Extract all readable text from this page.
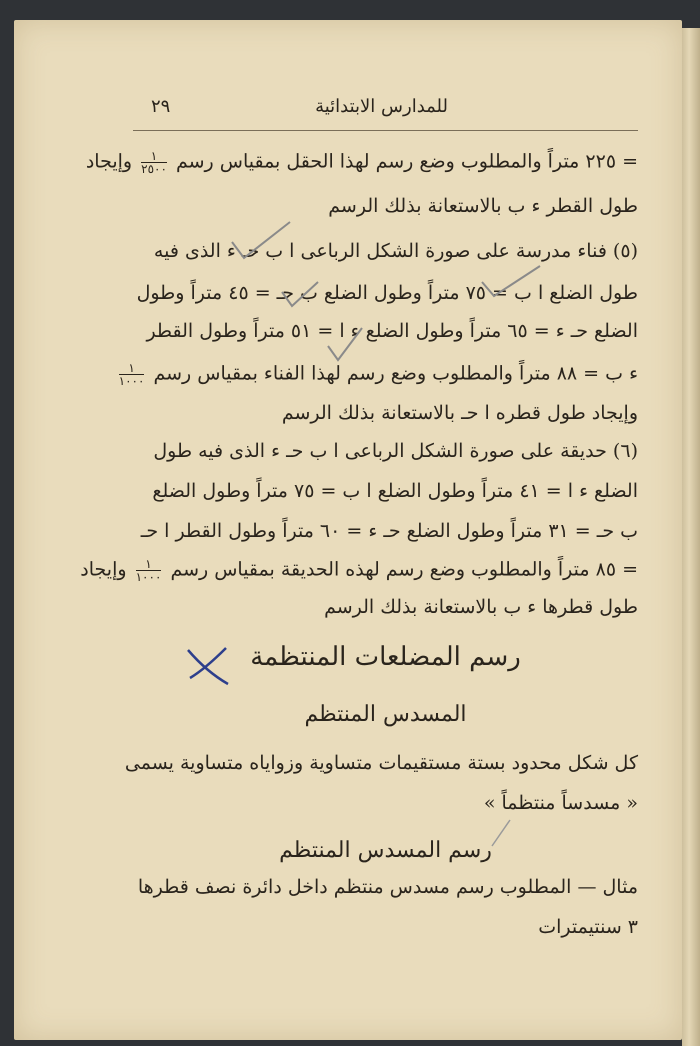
للمدارس الابتدائية
٢٩
= ٢٢٥ متراً والمطلوب وضع رسم لهذا الحقل بمقياس رسم
$\frac{١}{٢٥٠٠}$
وإيجاد
طول القطر ء ب بالاستعانة بذلك الرسم
(٥) فناء مدرسة على صورة الشكل الرباعى ا ب حـ ء الذى فيه
طول الضلع ا ب = ٧٥ متراً وطول الضلع ب حـ = ٤٥ متراً وطول
الضلع حـ ء = ٦٥ متراً وطول الضلع ء ا = ٥١ متراً وطول القطر
ء ب = ٨٨ متراً والمطلوب وضع رسم لهذا الفناء بمقياس رسم
$\frac{١}{١٠٠٠}$
وإيجاد طول قطره ا حـ بالاستعانة بذلك الرسم
(٦) حديقة على صورة الشكل الرباعى ا ب حـ ء الذى فيه طول
الضلع ء ا = ٤١ متراً وطول الضلع ا ب = ٧٥ متراً وطول الضلع
ب حـ = ٣١ متراً وطول الضلع حـ ء = ٦٠ متراً وطول القطر ا حـ
= ٨٥ متراً والمطلوب وضع رسم لهذه الحديقة بمقياس رسم
$\frac{١}{١٠٠٠}$
وإيجاد
طول قطرها ء ب بالاستعانة بذلك الرسم
رسم المضلعات المنتظمة
المسدس المنتظم
كل شكل محدود بستة مستقيمات متساوية وزواياه متساوية يسمى
« مسدساً منتظماً »
رسم المسدس المنتظم
مثال — المطلوب رسم مسدس منتظم داخل دائرة نصف قطرها
٣ سنتيمترات
